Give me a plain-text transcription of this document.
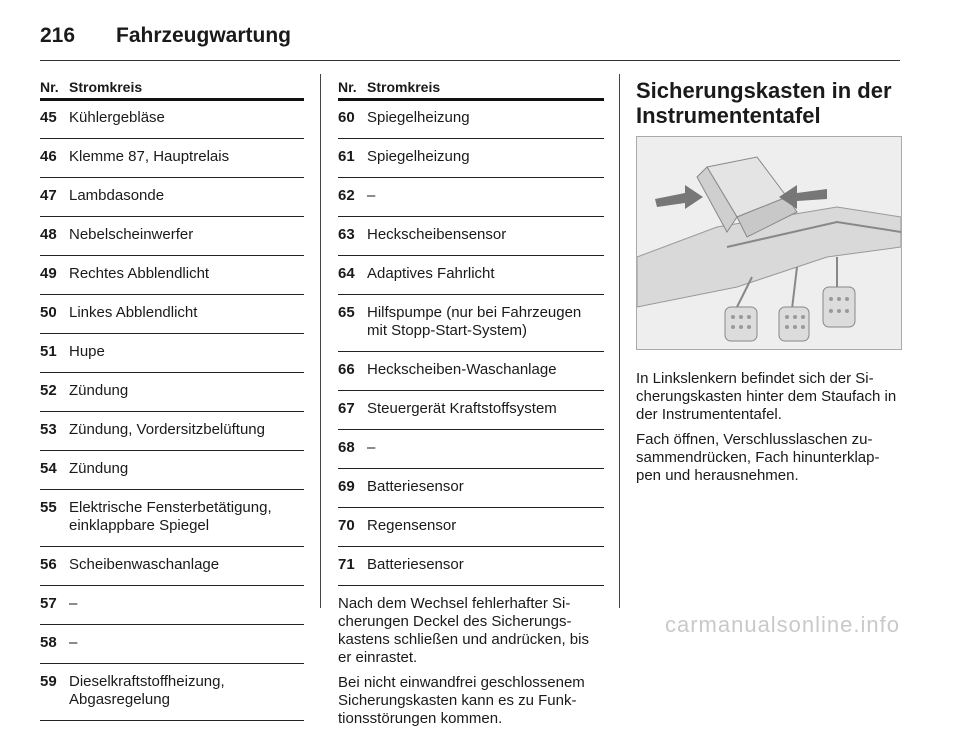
216	Fahrzeugwartung
Nr. Stromkreis
45 Kühlergebläse
46 Klemme 87, Hauptrelais
47 Lambdasonde
48 Nebelscheinwerfer
49 Rechtes Abblendlicht
50 Linkes Abblendlicht
51 Hupe
52 Zündung
53 Zündung, Vordersitzbelüftung
54 Zündung
55 Elektrische Fensterbetätigung, einklappbare Spiegel
56 Scheibenwaschanlage
57 –
58 –
59 Dieselkraftstoffheizung, Abgasregelung
Nr. Stromkreis
60 Spiegelheizung
61 Spiegelheizung
62 –
63 Heckscheibensensor
64 Adaptives Fahrlicht
65 Hilfspumpe (nur bei Fahrzeugen mit Stopp-Start-System)
66 Heckscheiben-Waschanlage
67 Steuergerät Kraftstoffsystem
68 –
69 Batteriesensor
70 Regensensor
71 Batteriesensor

Nach dem Wechsel fehlerhafter Si-cherungen Deckel des Sicherungs-kastens schließen und andrücken, bis er einrastet.

Bei nicht einwandfrei geschlossenem Sicherungskasten kann es zu Funk-tionsstörungen kommen.

Sicherungskasten in der Instrumententafel

In Linkslenkern befindet sich der Si-cherungskasten hinter dem Staufach in der Instrumententafel.

Fach öffnen, Verschlusslaschen zu-sammendrücken, Fach hinunterklap-pen und herausnehmen.

carmanualsonline.info
